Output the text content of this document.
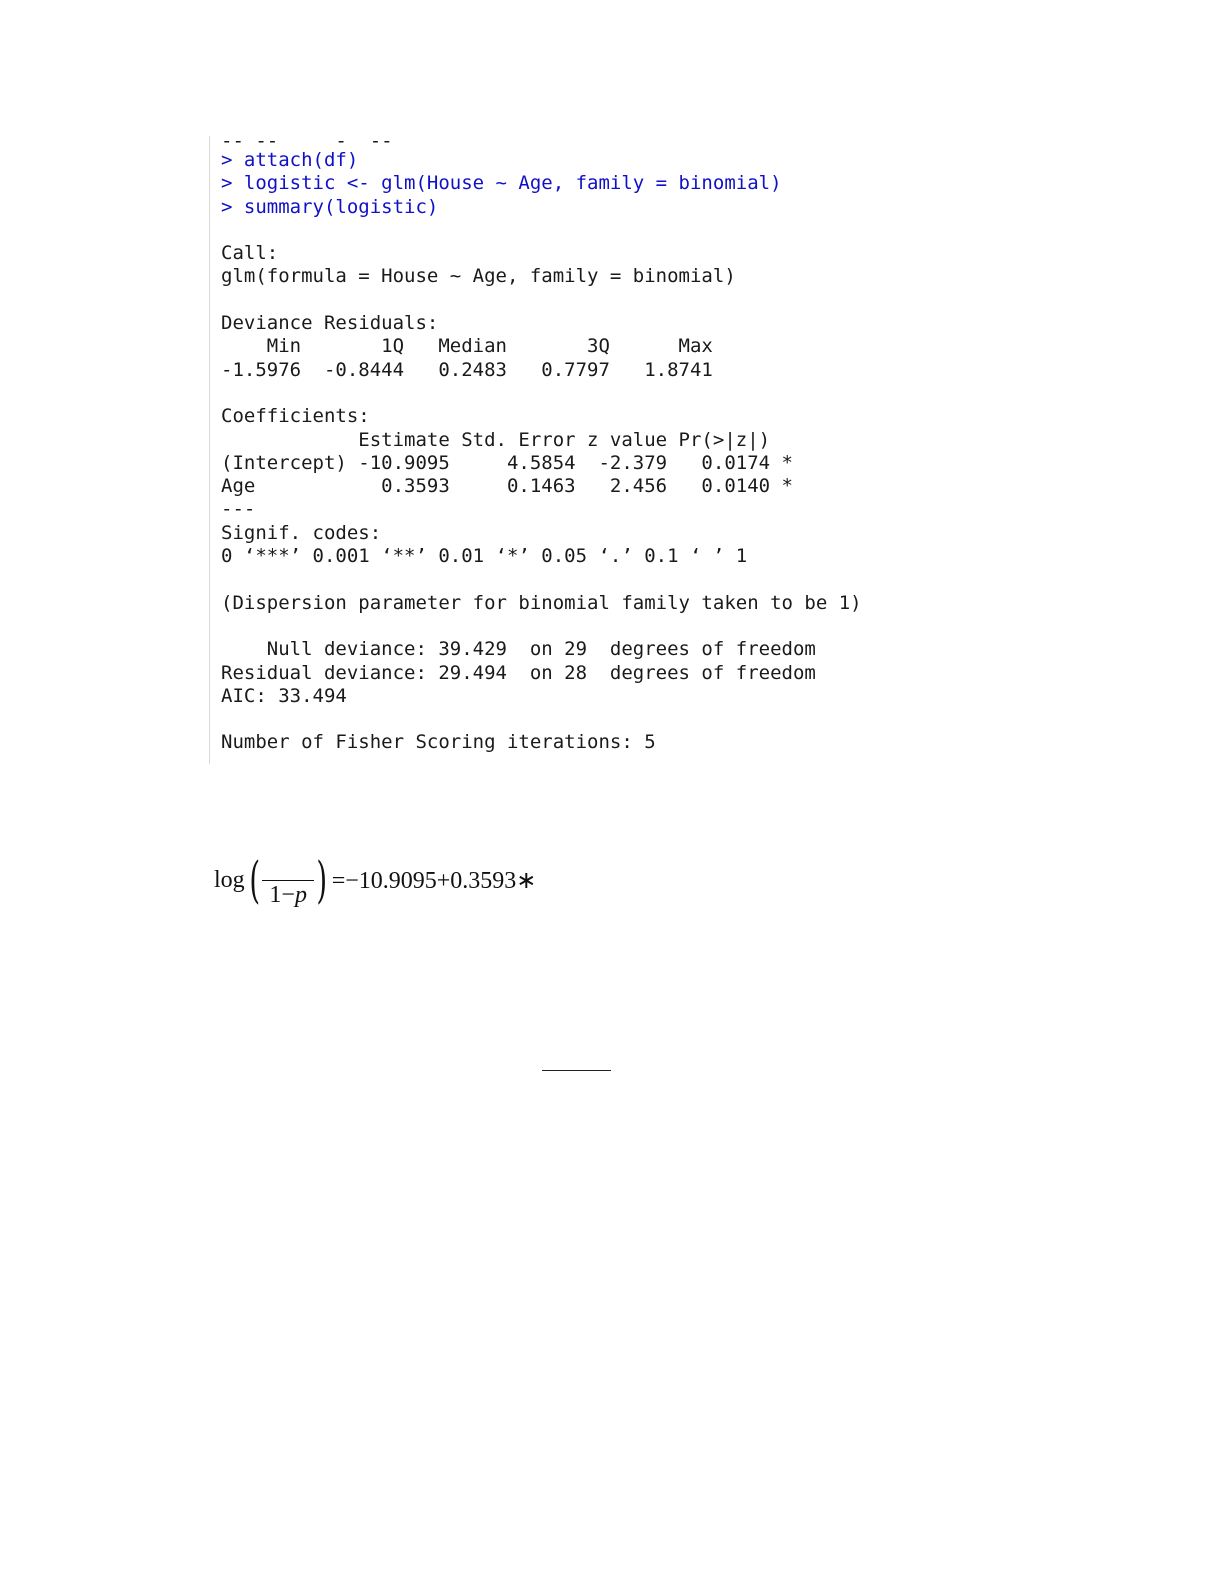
-- --     -  --
> attach(df)
> logistic <- glm(House ~ Age, family = binomial)
> summary(logistic)
Call:
glm(formula = House ~ Age, family = binomial)
Deviance Residuals:
Min       1Q   Median       3Q      Max
-1.5976  -0.8444   0.2483   0.7797   1.8741
Coefficients:
Estimate Std. Error z value Pr(>|z|)
(Intercept) -10.9095     4.5854  -2.379   0.0174 *
Age           0.3593     0.1463   2.456   0.0140 *
---
Signif. codes:
0 ‘***’ 0.001 ‘**’ 0.01 ‘*’ 0.05 ‘.’ 0.1 ‘ ’ 1
(Dispersion parameter for binomial family taken to be 1)
Null deviance: 39.429  on 29  degrees of freedom
Residual deviance: 29.494  on 28  degrees of freedom
AIC: 33.494
Number of Fisher Scoring iterations: 5
log ( 1−p ) =−10.9095+0.3593∗
